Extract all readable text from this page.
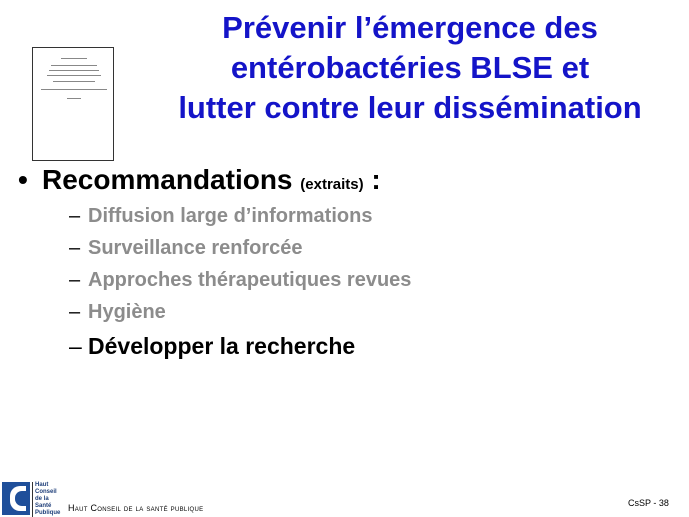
Prévenir l’émergence des
entérobactéries BLSE et
lutter contre leur dissémination
• Recommandations (extraits) :
– Diffusion large d’informations
– Surveillance renforcée
– Approches thérapeutiques revues
– Hygiène
– Développer la recherche
Haut
Conseil de la
Santé
Publique Haut Conseil de la santé publique	CsSP - 38
